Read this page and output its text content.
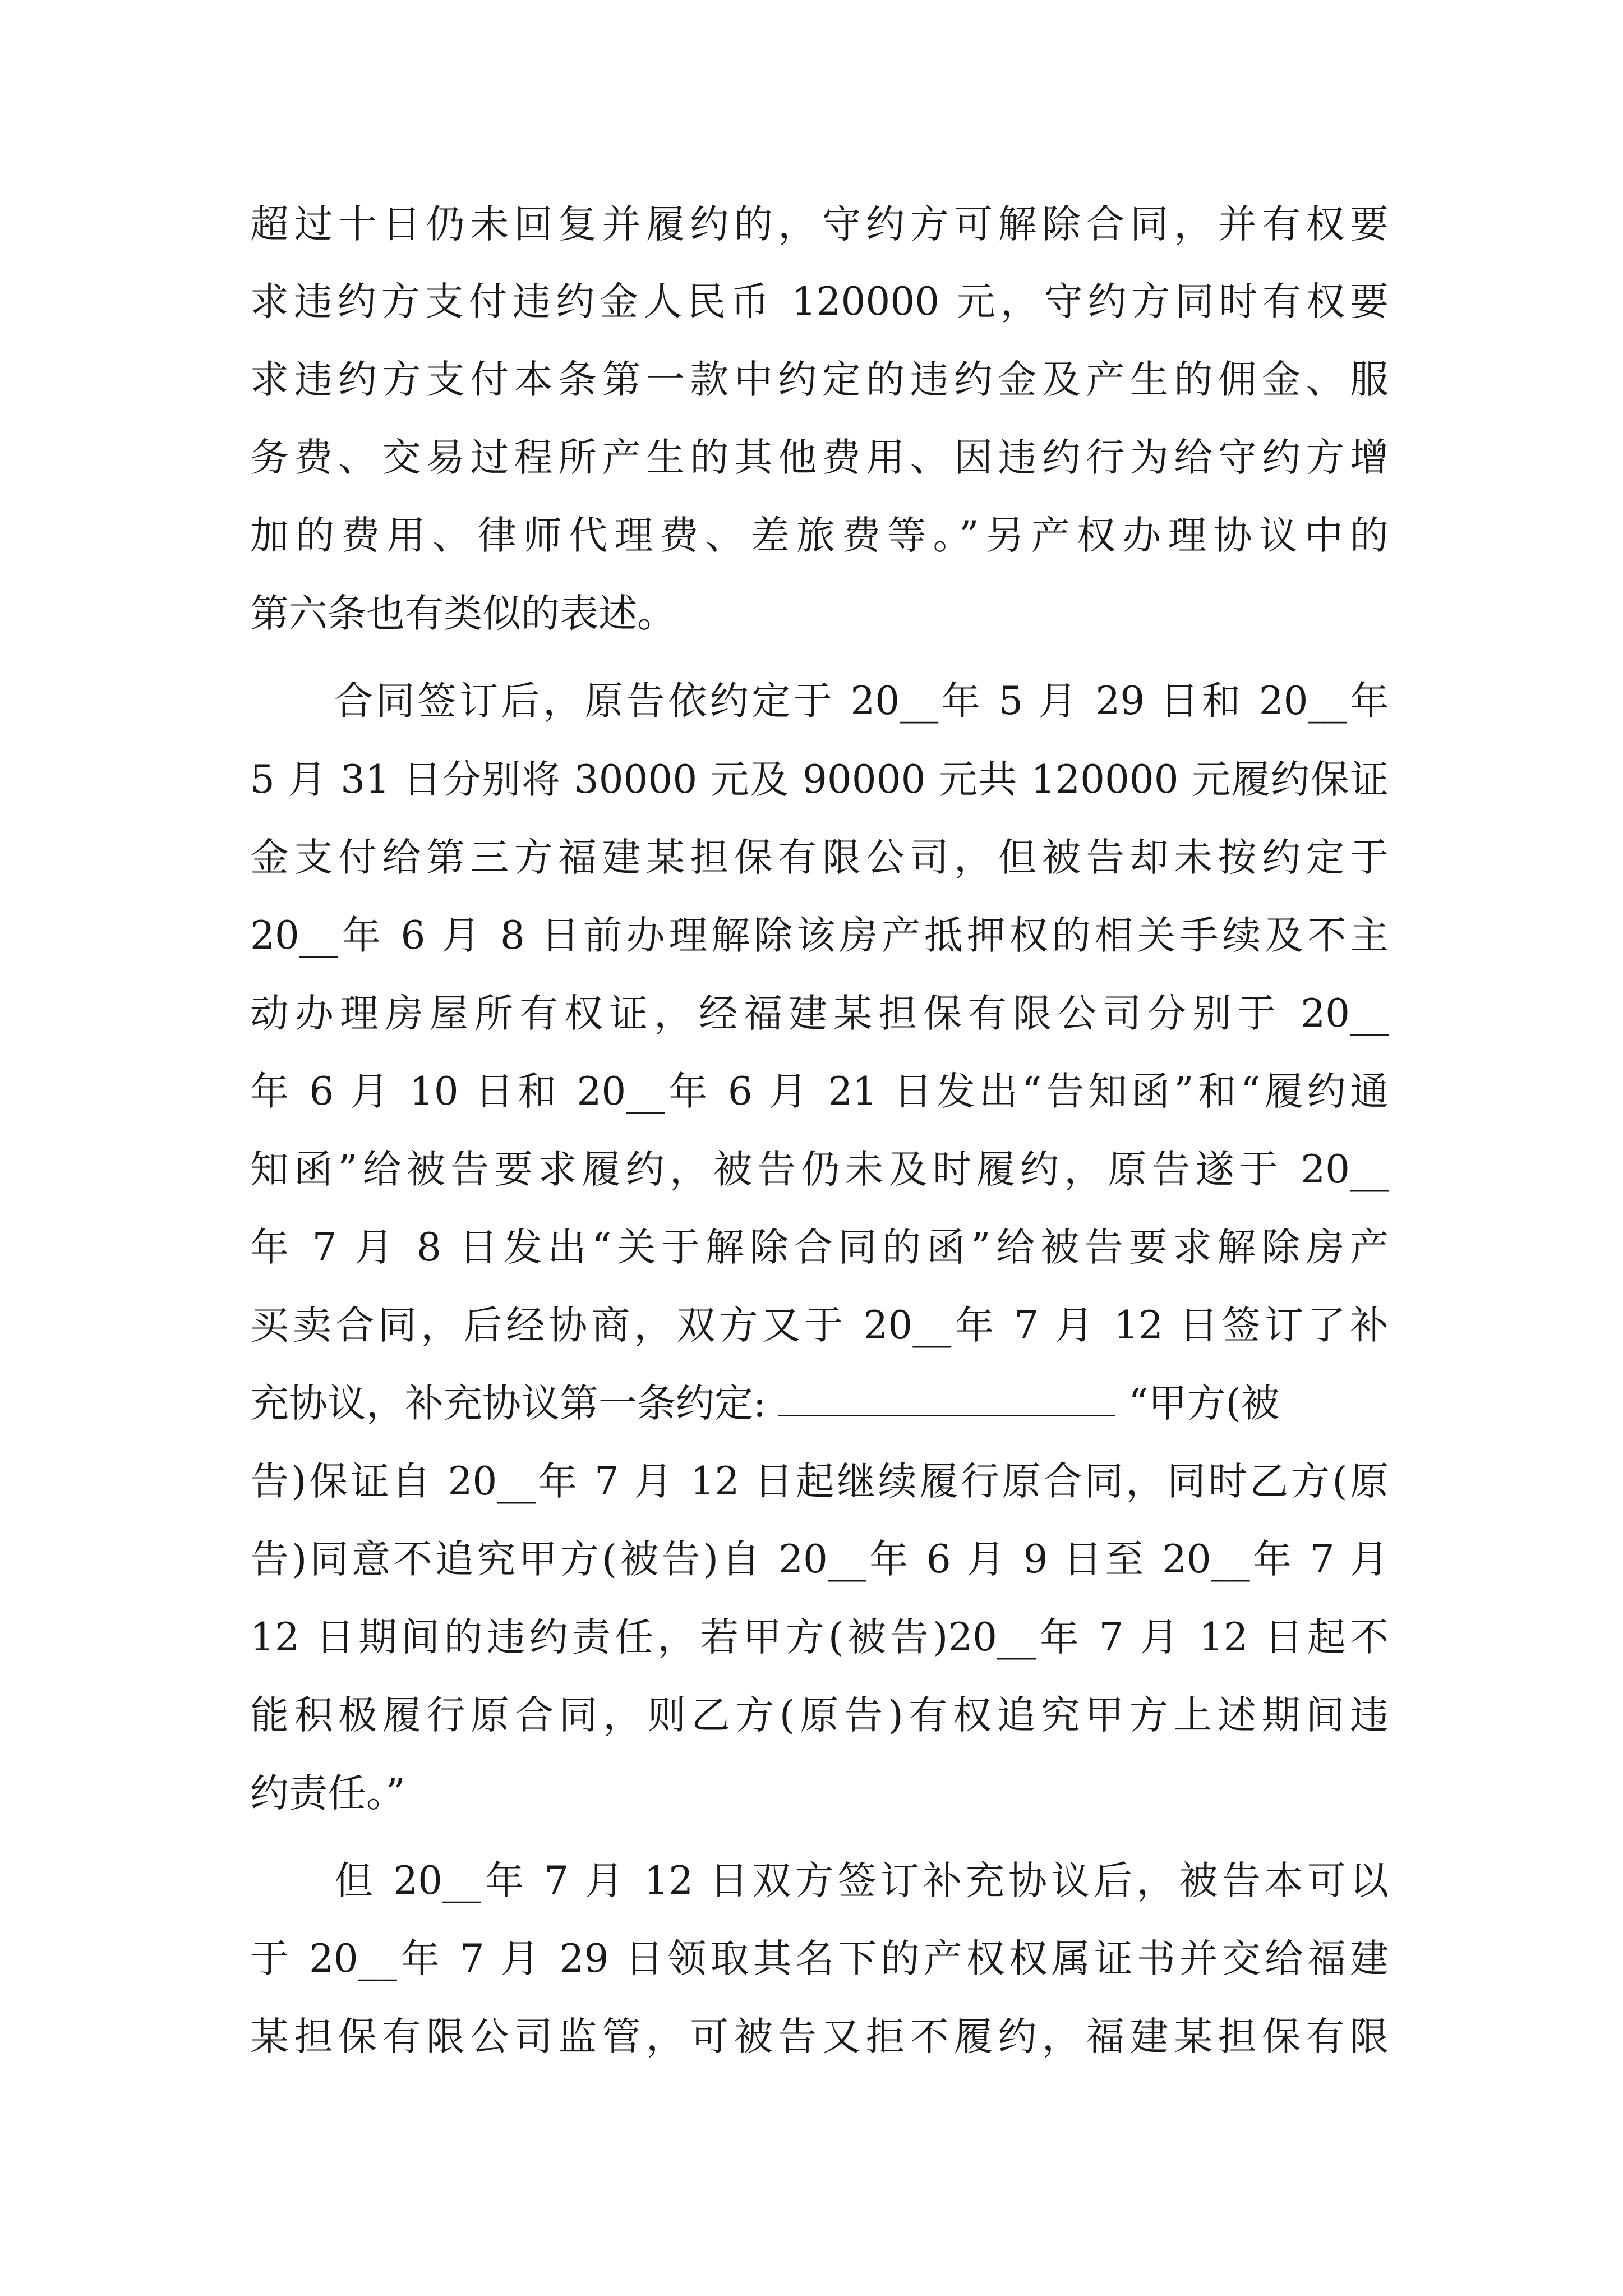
超过十日仍未回复并履约的，守约方可解除合同，并有权要
求违约方支付违约金人民币 120000 元，守约方同时有权要
求违约方支付本条第一款中约定的违约金及产生的佣金、服
务费、交易过程所产生的其他费用、因违约行为给守约方增
加的费用、律师代理费、差旅费等。”另产权办理协议中的
第六条也有类似的表述。
合同签订后，原告依约定于 20__年 5 月 29 日和 20__年
5 月 31 日分别将 30000 元及 90000 元共 120000 元履约保证
金支付给第三方福建某担保有限公司，但被告却未按约定于
20__年 6 月 8 日前办理解除该房产抵押权的相关手续及不主
动办理房屋所有权证，经福建某担保有限公司分别于 20__
年 6 月 10 日和 20__年 6 月 21 日发出“告知函”和“履约通
知函”给被告要求履约，被告仍未及时履约，原告遂于 20__
年 7 月 8 日发出“关于解除合同的函”给被告要求解除房产
买卖合同，后经协商，双方又于 20__年 7 月 12 日签订了补
充协议，补充协议第一条约定:	“甲方(被
告)保证自 20__年 7 月 12 日起继续履行原合同，同时乙方(原
告)同意不追究甲方(被告)自 20__年 6 月 9 日至 20__年 7 月
12 日期间的违约责任，若甲方(被告)20__年 7 月 12 日起不
能积极履行原合同，则乙方(原告)有权追究甲方上述期间违
约责任。”
但 20__年 7 月 12 日双方签订补充协议后，被告本可以
于 20__年 7 月 29 日领取其名下的产权权属证书并交给福建
某担保有限公司监管，可被告又拒不履约，福建某担保有限
